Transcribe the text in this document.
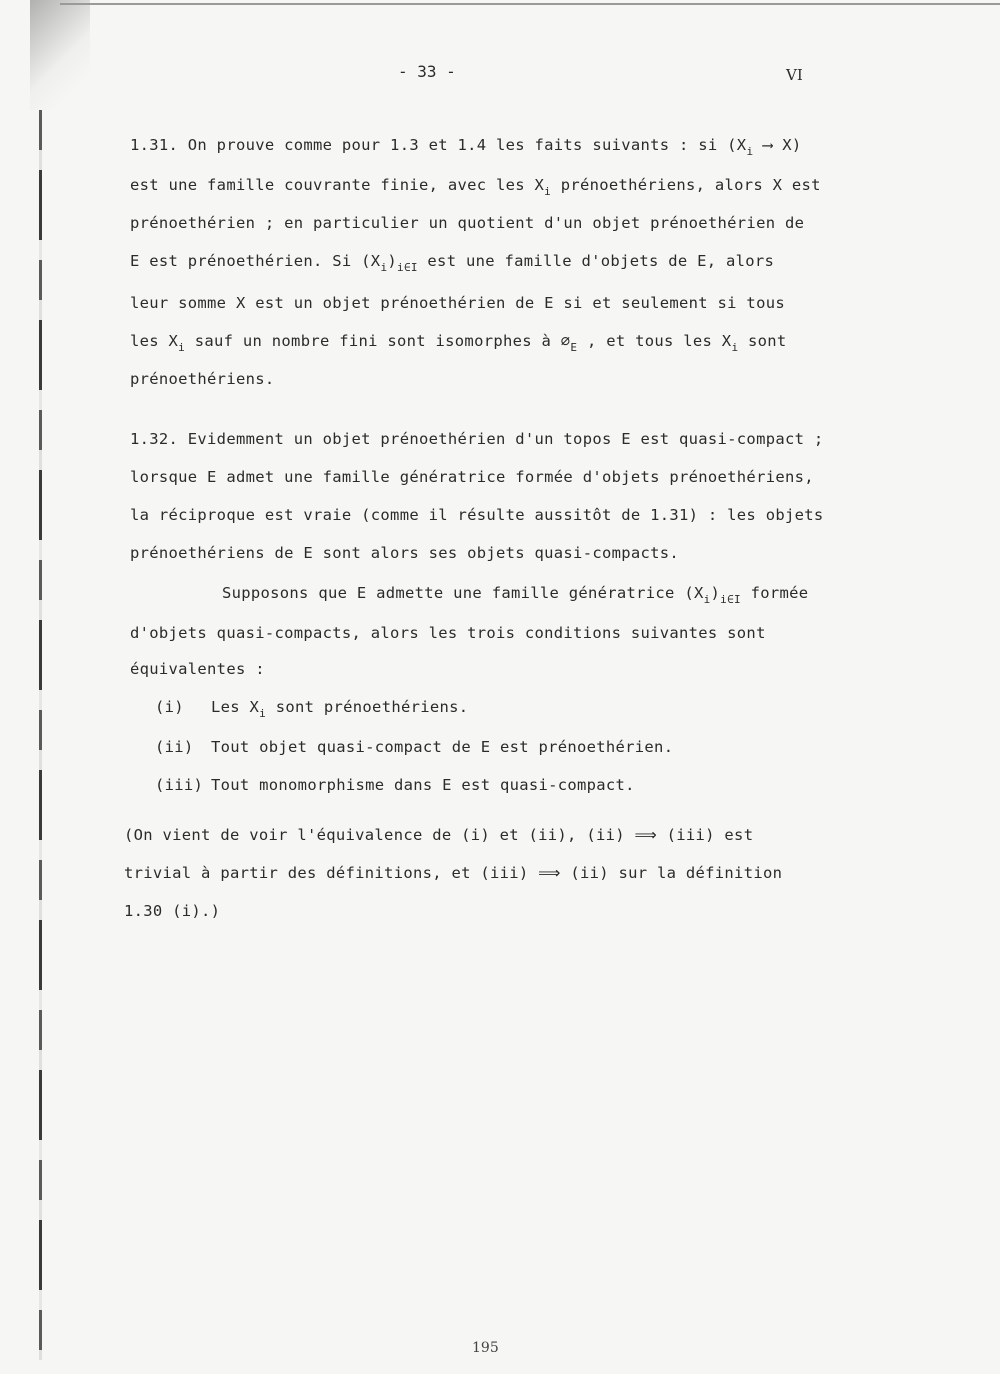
- 33 -	VI
1.31. On prouve comme pour 1.3 et 1.4 les faits suivants : si ($X_i$ ⟶ X)
est une famille couvrante finie, avec les $X_i$ prénoethériens, alors X est
prénoethérien ; en particulier un quotient d'un objet prénoethérien de
E est prénoethérien. Si $(X_i)_{i\in I}$ est une famille d'objets de E, alors
leur somme X est un objet prénoethérien de E si et seulement si tous
les $X_i$ sauf un nombre fini sont isomorphes à $\emptyset_E$ , et tous les $X_i$ sont
prénoethériens.
1.32. Evidemment un objet prénoethérien d'un topos E est quasi-compact ;
lorsque E admet une famille génératrice formée d'objets prénoethériens,
la réciproque est vraie (comme il résulte aussitôt de 1.31) : les objets
prénoethériens de E sont alors ses objets quasi-compacts.
Supposons que E admette une famille génératrice $(X_i)_{i\in I}$ formée
d'objets quasi-compacts, alors les trois conditions suivantes sont
équivalentes :
(i) Les $X_i$ sont prénoethériens.
(ii) Tout objet quasi-compact de E est prénoethérien.
(iii) Tout monomorphisme dans E est quasi-compact.
(On vient de voir l'équivalence de (i) et (ii), (ii) ⟹ (iii) est
trivial à partir des définitions, et (iii) ⟹ (ii) sur la définition
1.30 (i).)
195
